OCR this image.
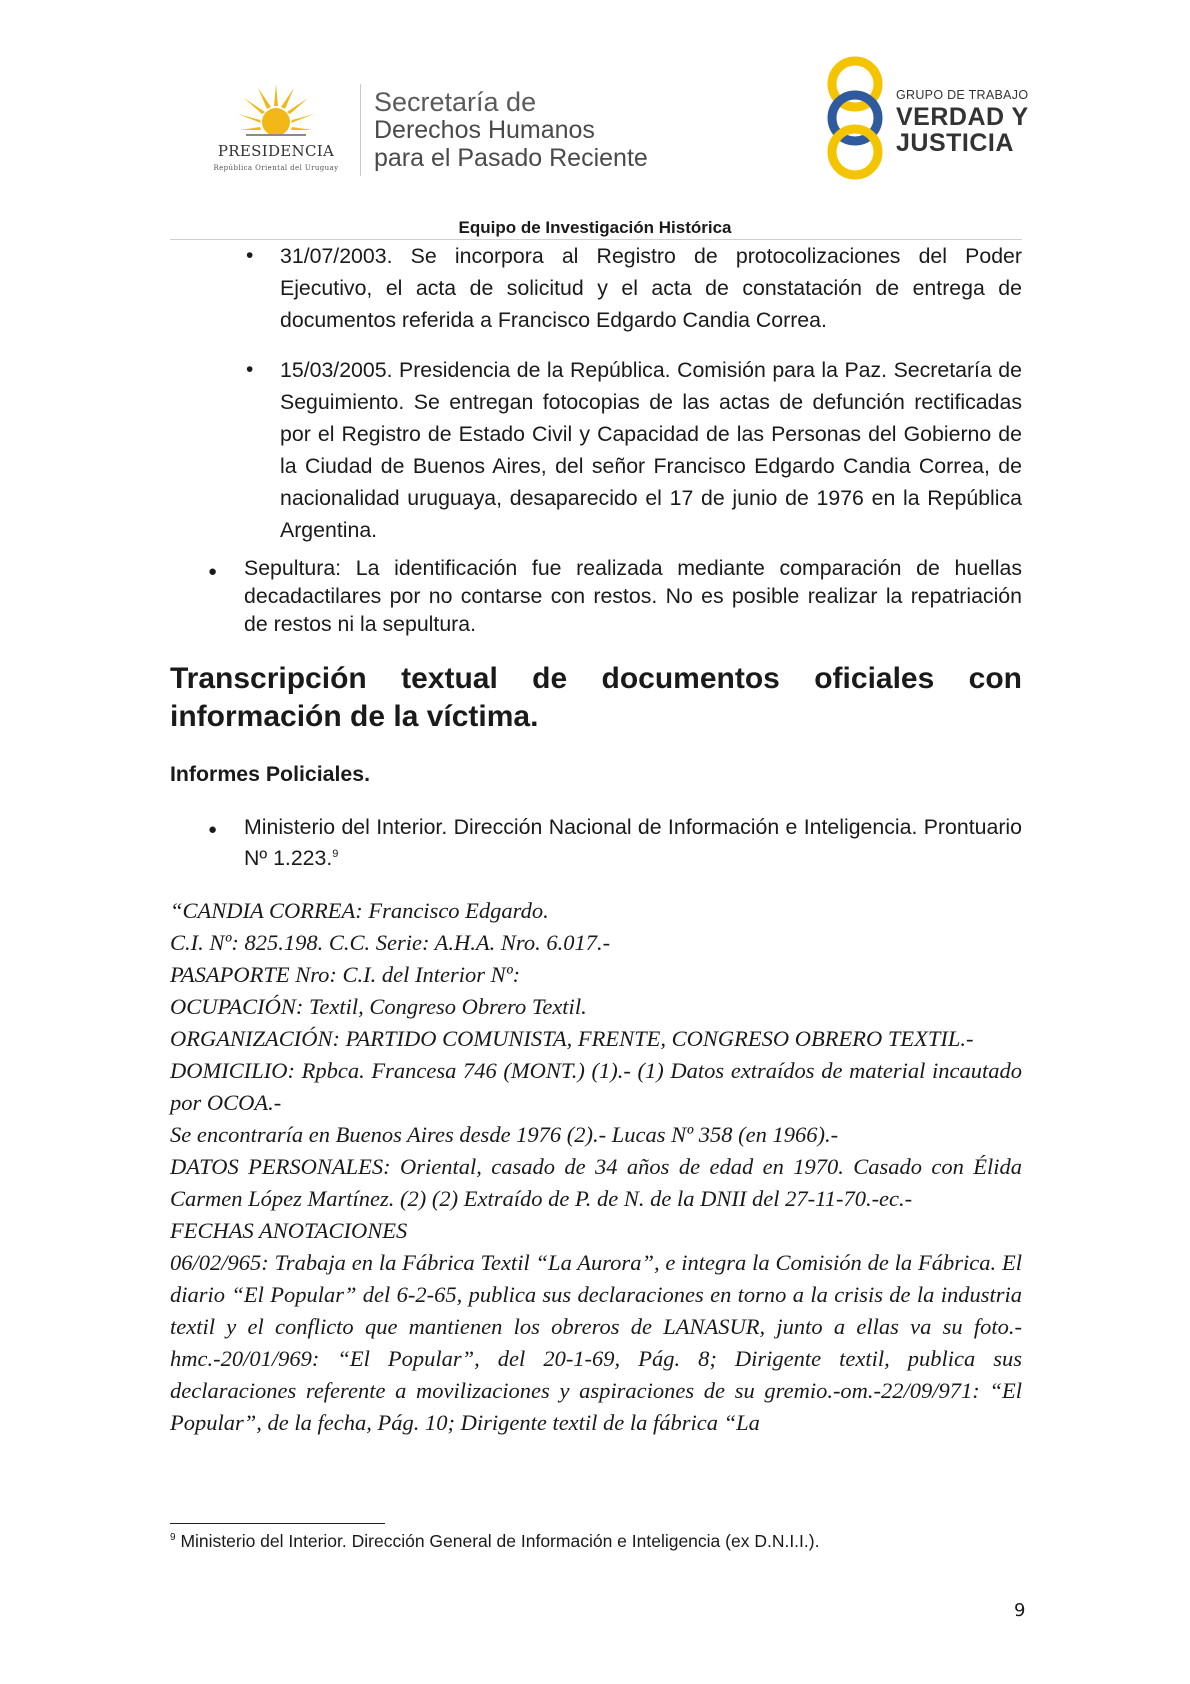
PRESIDENCIA
República Oriental del Uruguay
Secretaría de
Derechos Humanos
para el Pasado Reciente
GRUPO DE TRABAJO
VERDAD Y
JUSTICIA
Equipo de Investigación Histórica
• 31/07/2003. Se incorpora al Registro de protocolizaciones del Poder Ejecutivo, el acta de solicitud y el acta de constatación de entrega de documentos referida a Francisco Edgardo Candia Correa.
• 15/03/2005. Presidencia de la República. Comisión para la Paz. Secretaría de Seguimiento. Se entregan fotocopias de las actas de defunción rectificadas por el Registro de Estado Civil y Capacidad de las Personas del Gobierno de la Ciudad de Buenos Aires, del señor Francisco Edgardo Candia Correa, de nacionalidad uruguaya, desaparecido el 17 de junio de 1976 en la República Argentina.
● Sepultura: La identificación fue realizada mediante comparación de huellas decadactilares por no contarse con restos. No es posible realizar la repatriación de restos ni la sepultura.
Transcripción textual de documentos oficiales con información de la víctima.
Informes Policiales.
● Ministerio del Interior. Dirección Nacional de Información e Inteligencia. Prontuario Nº 1.223.$^9$

“CANDIA CORREA: Francisco Edgardo.

C.I. Nº: 825.198. C.C. Serie: A.H.A. Nro. 6.017.-

PASAPORTE Nro: C.I. del Interior Nº:

OCUPACIÓN: Textil, Congreso Obrero Textil.

ORGANIZACIÓN: PARTIDO COMUNISTA, FRENTE, CONGRESO OBRERO TEXTIL.-

DOMICILIO: Rpbca. Francesa 746 (MONT.) (1).- (1) Datos extraídos de material incautado por OCOA.-

Se encontraría en Buenos Aires desde 1976 (2).- Lucas Nº 358 (en 1966).-

DATOS PERSONALES: Oriental, casado de 34 años de edad en 1970. Casado con Élida Carmen López Martínez. (2) (2) Extraído de P. de N. de la DNII del 27-11-70.-ec.-

FECHAS ANOTACIONES

06/02/965: Trabaja en la Fábrica Textil “La Aurora”, e integra la Comisión de la Fábrica. El diario “El Popular” del 6-2-65, publica sus declaraciones en torno a la crisis de la industria textil y el conflicto que mantienen los obreros de LANASUR, junto a ellas va su foto.-hmc.-20/01/969: “El Popular”, del 20-1-69, Pág. 8; Dirigente textil, publica sus declaraciones referente a movilizaciones y aspiraciones de su gremio.-om.-22/09/971: “El Popular”, de la fecha, Pág. 10; Dirigente textil de la fábrica “La

$^9$ Ministerio del Interior. Dirección General de Información e Inteligencia (ex D.N.I.I.).
9
